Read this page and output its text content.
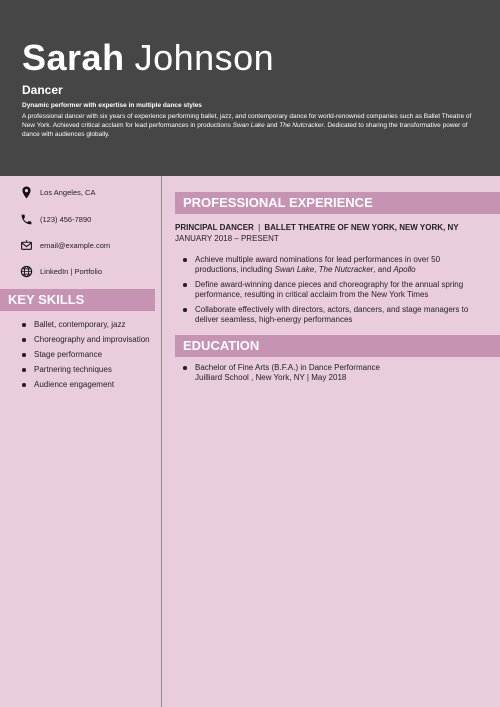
Sarah Johnson
Dancer
Dynamic performer with expertise in multiple dance styles
A professional dancer with six years of experience performing ballet, jazz, and contemporary dance for world-renowned companies such as Ballet Theatre of New York. Achieved critical acclaim for lead performances in productions Swan Lake and The Nutcracker. Dedicated to sharing the transformative power of dance with audiences globally.
Los Angeles, CA
(123) 456-7890
email@example.com
LinkedIn | Portfolio
KEY SKILLS
Ballet, contemporary, jazz
Choreography and improvisation
Stage performance
Partnering techniques
Audience engagement
PROFESSIONAL EXPERIENCE
PRINCIPAL DANCER | BALLET THEATRE OF NEW YORK, NEW YORK, NY
JANUARY 2018 – PRESENT
Achieve multiple award nominations for lead performances in over 50 productions, including Swan Lake, The Nutcracker, and Apollo
Define award-winning dance pieces and choreography for the annual spring performance, resulting in critical acclaim from the New York Times
Collaborate effectively with directors, actors, dancers, and stage managers to deliver seamless, high-energy performances
EDUCATION
Bachelor of Fine Arts (B.F.A.) in Dance Performance
Juilliard School , New York, NY | May 2018
